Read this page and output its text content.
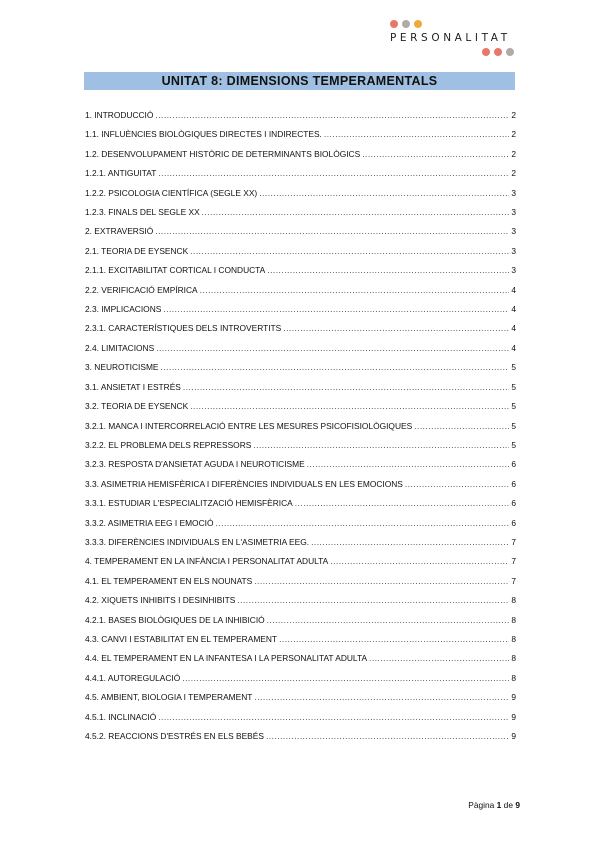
PERSONALITAT
UNITAT 8: DIMENSIONS TEMPERAMENTALS
1. INTRODUCCIÓ .....	2
1.1. INFLUÈNCIES BIOLÒGIQUES DIRECTES I INDIRECTES. .....	2
1.2. DESENVOLUPAMENT HISTÒRIC DE DETERMINANTS BIOLÒGICS .....	2
1.2.1. ANTIGUITAT .....	2
1.2.2. PSICOLOGIA CIENTÍFICA (SEGLE XX) .....	3
1.2.3. FINALS DEL SEGLE XX .....	3
2. EXTRAVERSIÓ .....	3
2.1. TEORIA DE EYSENCK .....	3
2.1.1. EXCITABILITAT CORTICAL I CONDUCTA .....	3
2.2. VERIFICACIÓ EMPÍRICA .....	4
2.3. IMPLICACIONS .....	4
2.3.1. CARACTERÍSTIQUES DELS INTROVERTITS .....	4
2.4. LIMITACIONS .....	4
3. NEUROTICISME .....	5
3.1. ANSIETAT I ESTRÉS .....	5
3.2. TEORIA DE EYSENCK .....	5
3.2.1. MANCA I INTERCORRELACIÓ ENTRE LES MESURES PSICOFISIOLÒGIQUES .....	5
3.2.2. EL PROBLEMA DELS REPRESSORS .....	5
3.2.3. RESPOSTA D'ANSIETAT AGUDA I NEUROTICISME .....	6
3.3. ASIMETRIA HEMISFÈRICA I DIFERÈNCIES INDIVIDUALS EN LES EMOCIONS .....	6
3.3.1. ESTUDIAR L'ESPECIALITZACIÓ HEMISFÈRICA .....	6
3.3.2. ASIMETRIA EEG I EMOCIÓ .....	6
3.3.3. DIFERÈNCIES INDIVIDUALS EN L'ASIMETRIA EEG. .....	7
4. TEMPERAMENT EN LA INFÀNCIA I PERSONALITAT ADULTA .....	7
4.1. EL TEMPERAMENT EN ELS NOUNATS .....	7
4.2. XIQUETS INHIBITS I DESINHIBITS .....	8
4.2.1. BASES BIOLÒGIQUES DE LA INHIBICIÓ .....	8
4.3. CANVI I ESTABILITAT EN EL TEMPERAMENT .....	8
4.4. EL TEMPERAMENT EN LA INFANTESA I LA PERSONALITAT ADULTA .....	8
4.4.1. AUTOREGULACIÓ .....	8
4.5. AMBIENT, BIOLOGIA I TEMPERAMENT .....	9
4.5.1. INCLINACIÓ .....	9
4.5.2. REACCIONS D'ESTRÉS EN ELS BEBÉS .....	9
Pàgina 1 de 9
